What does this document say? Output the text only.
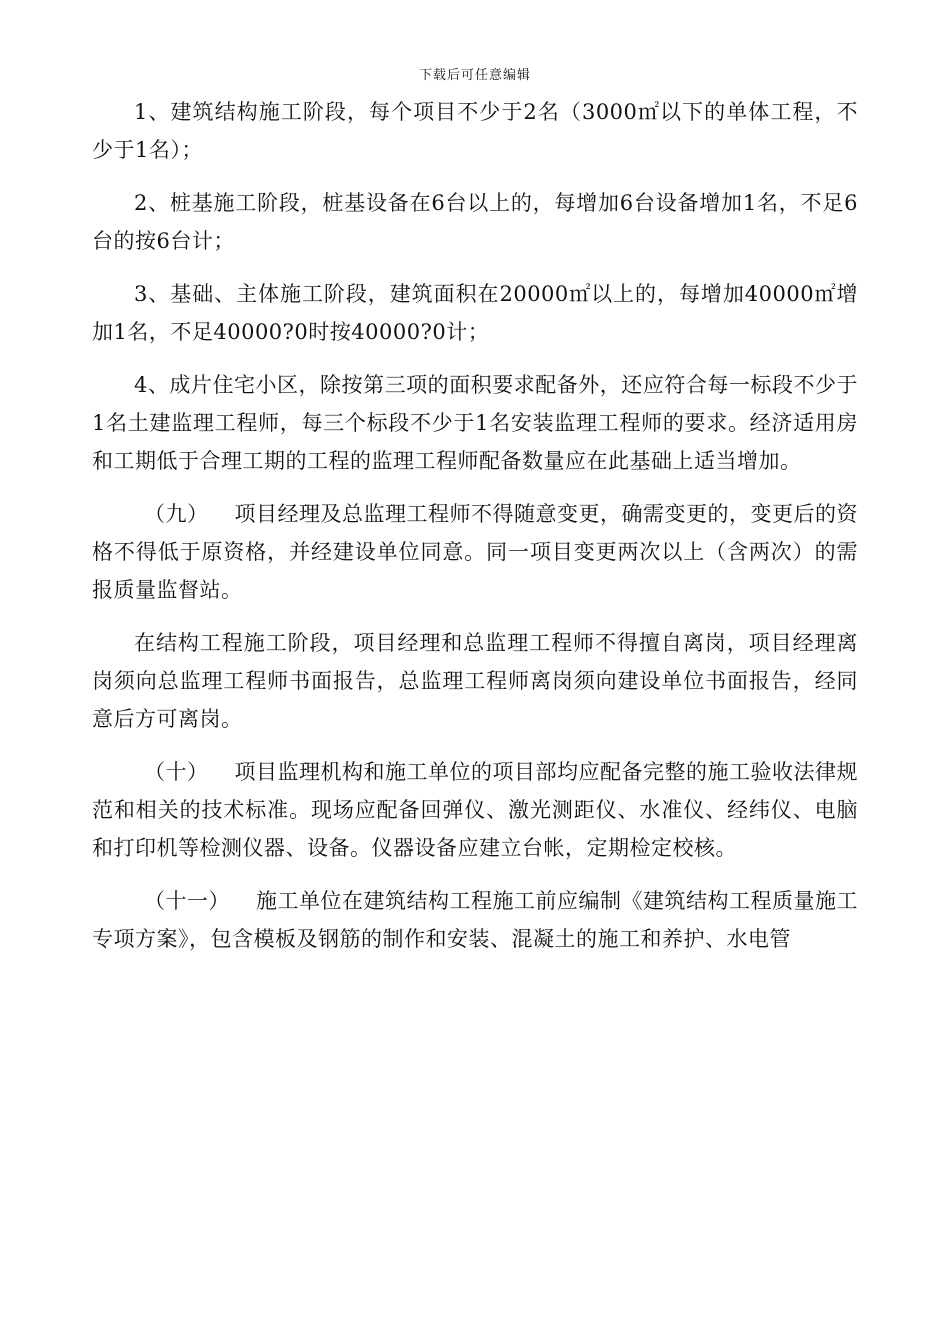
下载后可任意编辑

1、建筑结构施工阶段，每个项目不少于2名（3000㎡以下的单体工程，不少于1名）；

2、桩基施工阶段，桩基设备在6台以上的，每增加6台设备增加1名，不足6台的按6台计；

3、基础、主体施工阶段，建筑面积在20000㎡以上的，每增加40000㎡增加1名，不足40000?0时按40000?0计；

4、成片住宅小区，除按第三项的面积要求配备外，还应符合每一标段不少于1名土建监理工程师，每三个标段不少于1名安装监理工程师的要求。经济适用房和工期低于合理工期的工程的监理工程师配备数量应在此基础上适当增加。

（九） 项目经理及总监理工程师不得随意变更，确需变更的，变更后的资格不得低于原资格，并经建设单位同意。同一项目变更两次以上（含两次）的需报质量监督站。

在结构工程施工阶段，项目经理和总监理工程师不得擅自离岗，项目经理离岗须向总监理工程师书面报告，总监理工程师离岗须向建设单位书面报告，经同意后方可离岗。

（十） 项目监理机构和施工单位的项目部均应配备完整的施工验收法律规范和相关的技术标准。现场应配备回弹仪、激光测距仪、水准仪、经纬仪、电脑和打印机等检测仪器、设备。仪器设备应建立台帐，定期检定校核。

（十一） 施工单位在建筑结构工程施工前应编制《建筑结构工程质量施工专项方案》，包含模板及钢筋的制作和安装、混凝土的施工和养护、水电管
